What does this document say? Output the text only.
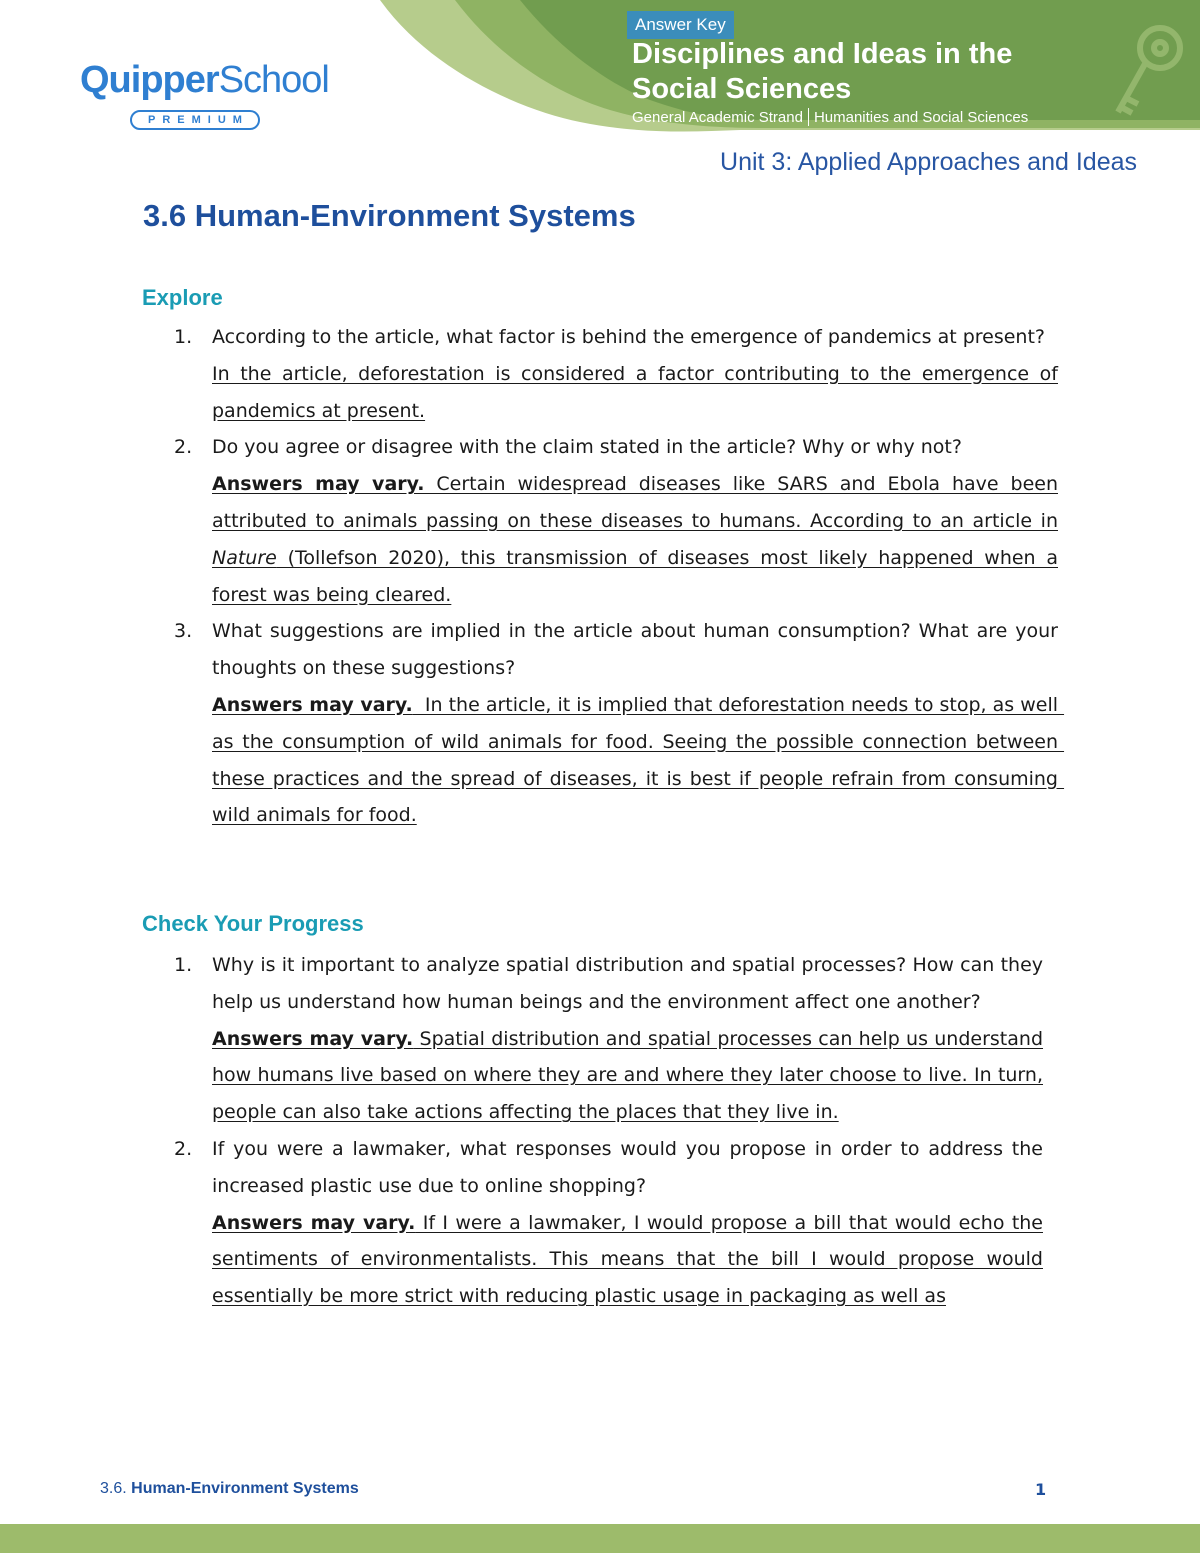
QuipperSchool
PREMIUM
Answer Key
Disciplines and Ideas in the
Social Sciences
General Academic Strand Humanities and Social Sciences
Unit 3: Applied Approaches and Ideas
3.6 Human-Environment Systems
Explore
1. According to the article, what factor is behind the emergence of pandemics at present?
In the article, deforestation is considered a factor contributing to the emergence of pandemics at present.
2. Do you agree or disagree with the claim stated in the article? Why or why not?
Answers may vary. Certain widespread diseases like SARS and Ebola have been attributed to animals passing on these diseases to humans. According to an article in Nature (Tollefson 2020), this transmission of diseases most likely happened when a forest was being cleared.
3. What suggestions are implied in the article about human consumption? What are your thoughts on these suggestions?
Answers may vary.  In the article, it is implied that deforestation needs to stop, as well as the consumption of wild animals for food. Seeing the possible connection between these practices and the spread of diseases, it is best if people refrain from consuming wild animals for food.
Check Your Progress
1. Why is it important to analyze spatial distribution and spatial processes? How can they help us understand how human beings and the environment affect one another?
Answers may vary. Spatial distribution and spatial processes can help us understand how humans live based on where they are and where they later choose to live. In turn, people can also take actions affecting the places that they live in.
2. If you were a lawmaker, what responses would you propose in order to address the increased plastic use due to online shopping?
Answers may vary. If I were a lawmaker, I would propose a bill that would echo the sentiments of environmentalists. This means that the bill I would propose would essentially be more strict with reducing plastic usage in packaging as well as
3.6. Human-Environment Systems	1
